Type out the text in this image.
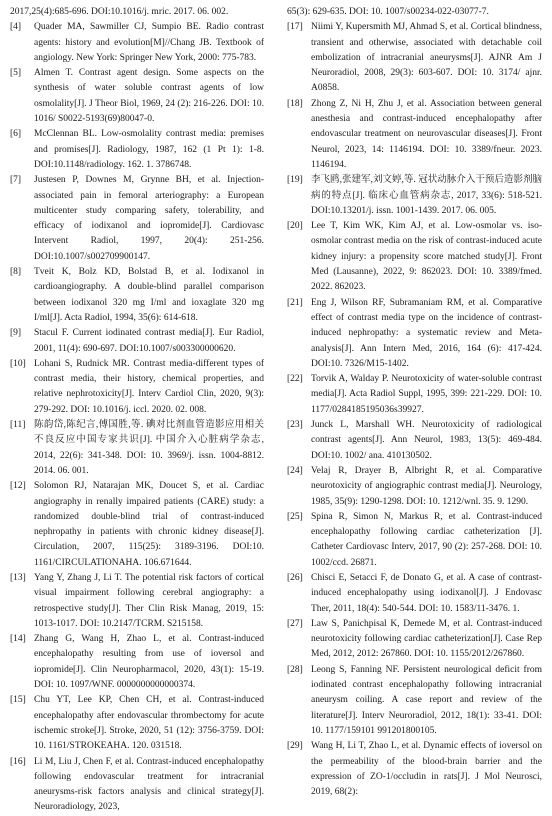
2017,25(4):685-696. DOI:10.1016/j. mric. 2017. 06. 002.
[4]	Quader MA, Sawmiller CJ, Sumpio BE. Radio contrast agents: history and evolution[M]//Chang JB. Textbook of angiology. New York: Springer New York, 2000: 775-783.
[5]	Almen T. Contrast agent design. Some aspects on the synthesis of water soluble contrast agents of low osmolality[J]. J Theor Biol, 1969, 24 (2): 216-226. DOI: 10. 1016/ S0022-5193(69)80047-0.
[6]	McClennan BL. Low-osmolality contrast media: premises and promises[J]. Radiology, 1987, 162 (1 Pt 1): 1-8. DOI:10.1148/radiology. 162. 1. 3786748.
[7]	Justesen P, Downes M, Grynne BH, et al. Injection-associated pain in femoral arteriography: a European multicenter study comparing safety, tolerability, and efficacy of iodixanol and iopromide[J]. Cardiovasc Intervent Radiol, 1997, 20(4): 251-256. DOI:10.1007/s002709900147.
[8]	Tveit K, Bolz KD, Bolstad B, et al. Iodixanol in cardioangiography. A double-blind parallel comparison between iodixanol 320 mg I/ml and ioxaglate 320 mg I/ml[J]. Acta Radiol, 1994, 35(6): 614-618.
[9]	Stacul F. Current iodinated contrast media[J]. Eur Radiol, 2001, 11(4): 690-697. DOI:10.1007/s003300000620.
[10] Lohani S, Rudnick MR. Contrast media-different types of contrast media, their history, chemical properties, and relative nephrotoxicity[J]. Interv Cardiol Clin, 2020, 9(3): 279-292. DOI: 10.1016/j. iccl. 2020. 02. 008.
[11] 陈韵岱,陈纪言,傅国胜,等. 碘对比剂血管造影应用相关不良反应中国专家共识[J]. 中国介入心脏病学杂志, 2014, 22(6): 341-348. DOI: 10. 3969/j. issn. 1004-8812. 2014. 06. 001.
[12] Solomon RJ, Natarajan MK, Doucet S, et al. Cardiac angiography in renally impaired patients (CARE) study: a randomized double-blind trial of contrast-induced nephropathy in patients with chronic kidney disease[J]. Circulation, 2007, 115(25): 3189-3196. DOI:10. 1161/CIRCULATIONAHA. 106.671644.
[13] Yang Y, Zhang J, Li T. The potential risk factors of cortical visual impairment following cerebral angiography: a retrospective study[J]. Ther Clin Risk Manag, 2019, 15: 1013-1017. DOI: 10.2147/TCRM. S215158.
[14] Zhang G, Wang H, Zhao L, et al. Contrast-induced encephalopathy resulting from use of ioversol and iopromide[J]. Clin Neuropharmacol, 2020, 43(1): 15-19. DOI: 10. 1097/WNF. 0000000000000374.
[15] Chu YT, Lee KP, Chen CH, et al. Contrast-induced encephalopathy after endovascular thrombectomy for acute ischemic stroke[J]. Stroke, 2020, 51 (12): 3756-3759. DOI: 10. 1161/STROKEAHA. 120. 031518.
[16] Li M, Liu J, Chen F, et al. Contrast-induced encephalopathy following endovascular treatment for intracranial aneurysms-risk factors analysis and clinical strategy[J]. Neuroradiology, 2023,
65(3): 629-635. DOI: 10. 1007/s00234-022-03077-7.
[17] Niimi Y, Kupersmith MJ, Ahmad S, et al. Cortical blindness, transient and otherwise, associated with detachable coil embolization of intracranial aneurysms[J]. AJNR Am J Neuroradiol, 2008, 29(3): 603-607. DOI: 10. 3174/ ajnr. A0858.
[18] Zhong Z, Ni H, Zhu J, et al. Association between general anesthesia and contrast-induced encephalopathy after endovascular treatment on neurovascular diseases[J]. Front Neurol, 2023, 14: 1146194. DOI: 10. 3389/fneur. 2023. 1146194.
[19] 李飞鸥,张建军,刘文婷,等. 冠状动脉介入干预后造影剂脑病的特点[J]. 临床心血管病杂志, 2017, 33(6): 518-521. DOI:10.13201/j. issn. 1001-1439. 2017. 06. 005.
[20] Lee T, Kim WK, Kim AJ, et al. Low-osmolar vs. iso-osmolar contrast media on the risk of contrast-induced acute kidney injury: a propensity score matched study[J]. Front Med (Lausanne), 2022, 9: 862023. DOI: 10. 3389/fmed. 2022. 862023.
[21] Eng J, Wilson RF, Subramaniam RM, et al. Comparative effect of contrast media type on the incidence of contrast-induced nephropathy: a systematic review and Meta-analysis[J]. Ann Intern Med, 2016, 164 (6): 417-424. DOI:10. 7326/M15-1402.
[22] Torvik A, Walday P. Neurotoxicity of water-soluble contrast media[J]. Acta Radiol Suppl, 1995, 399: 221-229. DOI: 10. 1177/0284185195036s39927.
[23] Junck L, Marshall WH. Neurotoxicity of radiological contrast agents[J]. Ann Neurol, 1983, 13(5): 469-484. DOI:10. 1002/ ana. 410130502.
[24] Velaj R, Drayer B, Albright R, et al. Comparative neurotoxicity of angiographic contrast media[J]. Neurology, 1985, 35(9): 1290-1298. DOI: 10. 1212/wnl. 35. 9. 1290.
[25] Spina R, Simon N, Markus R, et al. Contrast-induced encephalopathy following cardiac catheterization [J]. Catheter Cardiovasc Interv, 2017, 90 (2): 257-268. DOI: 10. 1002/ccd. 26871.
[26] Chisci E, Setacci F, de Donato G, et al. A case of contrast-induced encephalopathy using iodixanol[J]. J Endovasc Ther, 2011, 18(4): 540-544. DOI: 10. 1583/11-3476. 1.
[27] Law S, Panichpisal K, Demede M, et al. Contrast-induced neurotoxicity following cardiac catheterization[J]. Case Rep Med, 2012, 2012: 267860. DOI: 10. 1155/2012/267860.
[28] Leong S, Fanning NF. Persistent neurological deficit from iodinated contrast encephalopathy following intracranial aneurysm coiling. A case report and review of the literature[J]. Interv Neuroradiol, 2012, 18(1): 33-41. DOI: 10. 1177/159101 991201800105.
[29] Wang H, Li T, Zhao L, et al. Dynamic effects of ioversol on the permeability of the blood-brain barrier and the expression of ZO-1/occludin in rats[J]. J Mol Neurosci, 2019, 68(2):
